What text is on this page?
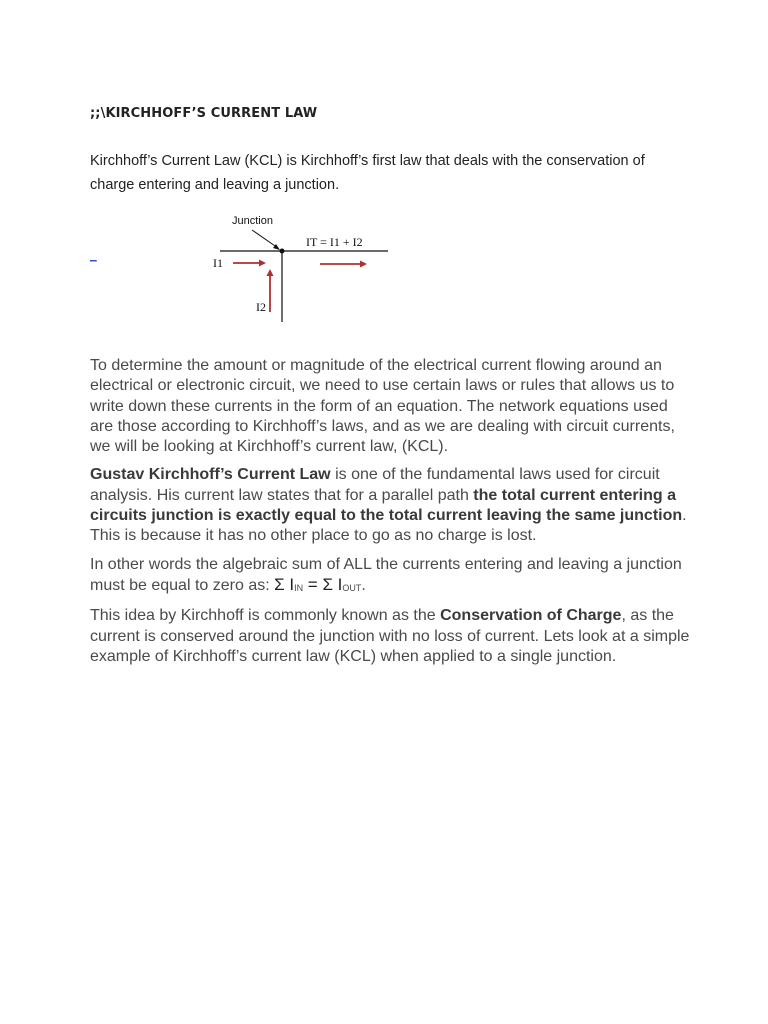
;;\KIRCHHOFF’S CURRENT LAW

Kirchhoff’s Current Law (KCL) is Kirchhoff’s first law that deals with the conservation of charge entering and leaving a junction.

_
Junction
IT = I1 + I2
I1
I2

To determine the amount or magnitude of the electrical current flowing around an electrical or electronic circuit, we need to use certain laws or rules that allows us to write down these currents in the form of an equation. The network equations used are those according to Kirchhoff’s laws, and as we are dealing with circuit currents, we will be looking at Kirchhoff’s current law, (KCL).

Gustav Kirchhoff’s Current Law is one of the fundamental laws used for circuit analysis. His current law states that for a parallel path the total current entering a circuits junction is exactly equal to the total current leaving the same junction. This is because it has no other place to go as no charge is lost.

In other words the algebraic sum of ALL the currents entering and leaving a junction must be equal to zero as: Σ IIN = Σ IOUT.

This idea by Kirchhoff is commonly known as the Conservation of Charge, as the current is conserved around the junction with no loss of current. Lets look at a simple example of Kirchhoff’s current law (KCL) when applied to a single junction.
